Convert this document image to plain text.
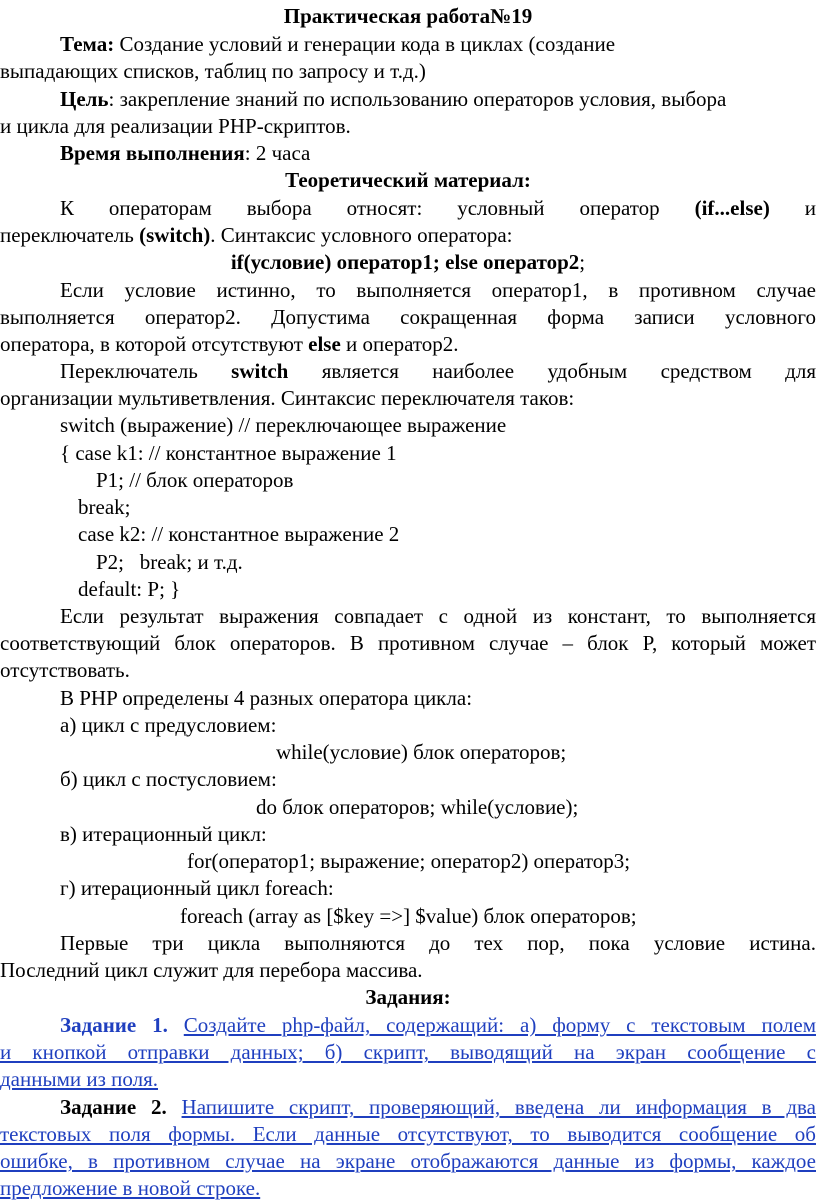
Практическая работа№19
Тема: Создание условий и генерации кода в циклах (создание
выпадающих списков, таблиц по запросу и т.д.)
Цель: закрепление знаний по использованию операторов условия, выбора
и цикла для реализации PHP-скриптов.
Время выполнения: 2 часа
Теоретический материал:
К операторам выбора относят: условный оператор (if...else) и
переключатель (switch). Синтаксис условного оператора:
if(условие) оператор1; else оператор2;
Если условие истинно, то выполняется оператор1, в противном случае
выполняется оператор2. Допустима сокращенная форма записи условного
оператора, в которой отсутствуют else и оператор2.
Переключатель switch является наиболее удобным средством для
организации мультиветвления. Синтаксис переключателя таков:
switch (выражение) // переключающее выражение
{ case k1: // константное выражение 1
P1; // блок операторов
break;
case k2: // константное выражение 2
P2;   break; и т.д.
default: P; }
Если результат выражения совпадает с одной из констант, то выполняется
соответствующий блок операторов. В противном случае – блок P, который может
отсутствовать.
В PHP определены 4 разных оператора цикла:
а) цикл с предусловием:
while(условие) блок операторов;
б) цикл с постусловием:
do блок операторов; while(условие);
в) итерационный цикл:
for(оператор1; выражение; оператор2) оператор3;
г) итерационный цикл foreach:
foreach (array as [$key =>] $value) блок операторов;
Первые три цикла выполняются до тех пор, пока условие истина.
Последний цикл служит для перебора массива.
Задания:
Задание 1. Создайте php-файл, содержащий: а) форму с текстовым полем
и кнопкой отправки данных; б) скрипт, выводящий на экран сообщение с
данными из поля.
Задание 2. Напишите скрипт, проверяющий, введена ли информация в два
текстовых поля формы. Если данные отсутствуют, то выводится сообщение об
ошибке, в противном случае на экране отображаются данные из формы, каждое
предложение в новой строке.
